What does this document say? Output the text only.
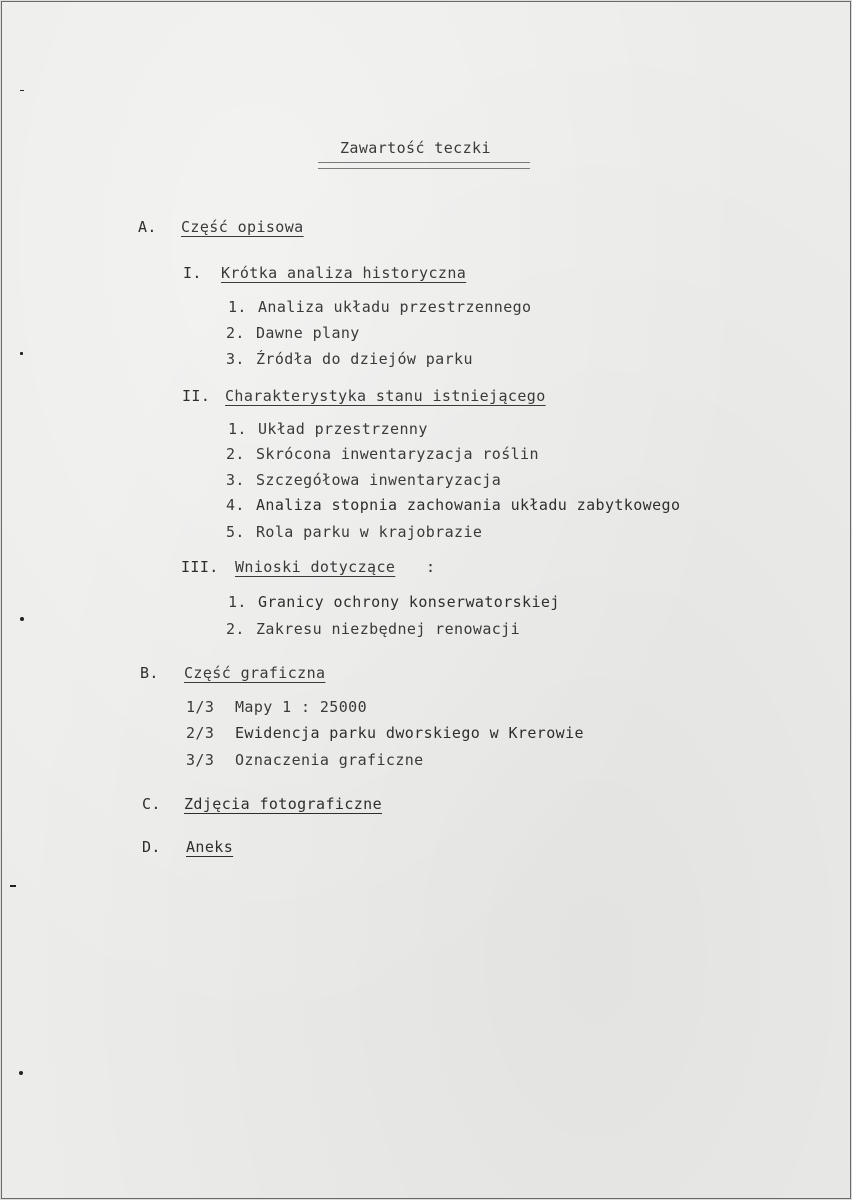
Zawartość teczki
A. Część opisowa
I. Krótka analiza historyczna
1. Analiza układu przestrzennego
2. Dawne plany
3. Źródła do dziejów parku
II. Charakterystyka stanu istniejącego
1. Układ przestrzenny
2. Skrócona inwentaryzacja roślin
3. Szczegółowa inwentaryzacja
4. Analiza stopnia zachowania układu zabytkowego
5. Rola parku w krajobrazie
III. Wnioski dotyczące :
1. Granicy ochrony konserwatorskiej
2. Zakresu niezbędnej renowacji
B. Część graficzna
1/3 Mapy 1 : 25000
2/3 Ewidencja parku dworskiego w Krerowie
3/3 Oznaczenia graficzne
C. Zdjęcia fotograficzne
D. Aneks
